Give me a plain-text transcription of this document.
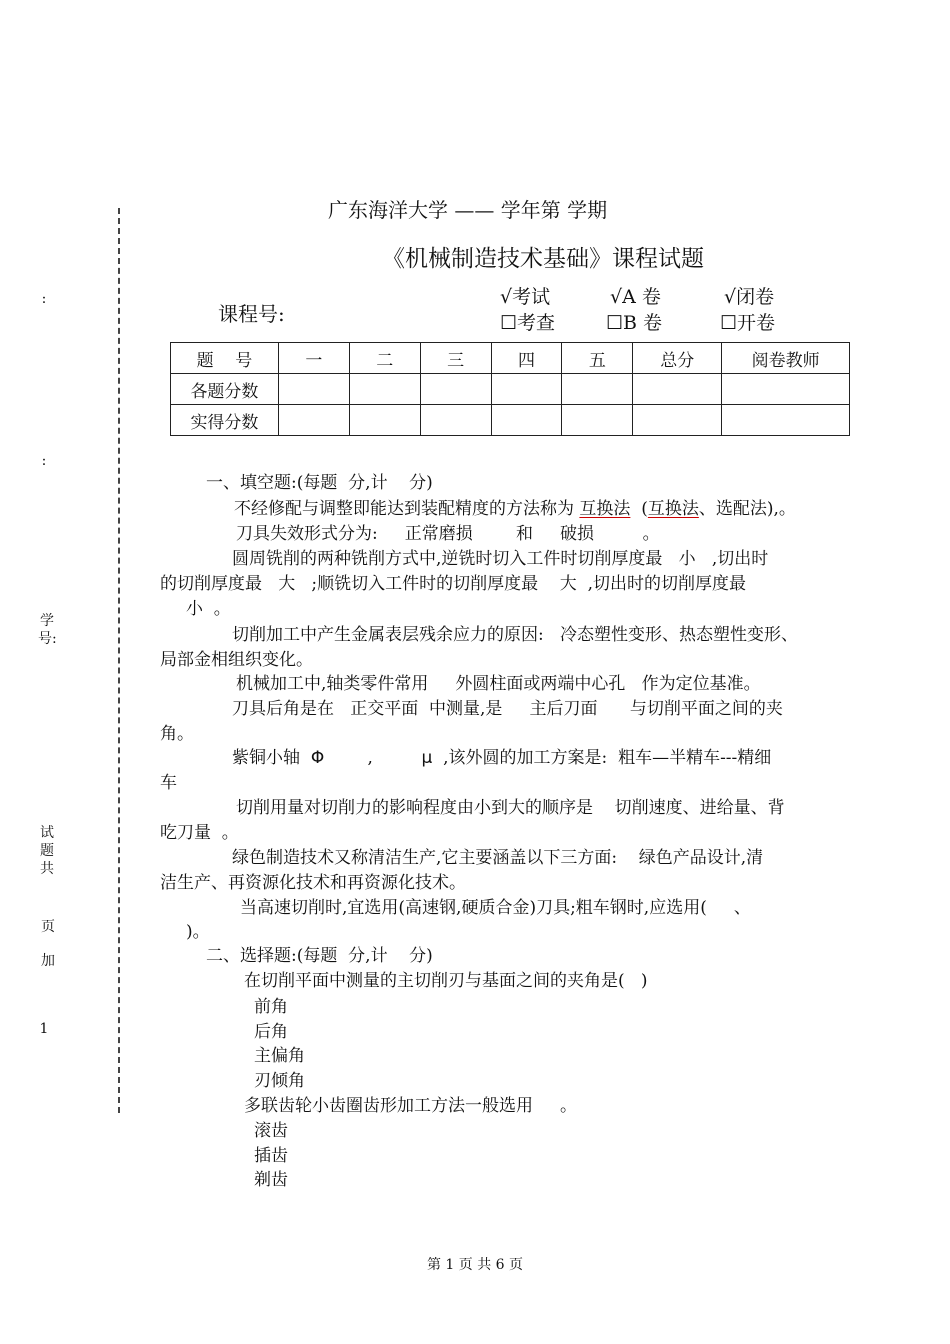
:
:
学号:
试题共
页
加
1
广东海洋大学 —— 学年第 学期
《机械制造技术基础》课程试题
课程号:
√考试	√A 卷	√闭卷
☐考查	☐B 卷	☐开卷
题    号	一	二	三	四	五	总分	阅卷教师
各题分数							
实得分数							
一、填空题:(每题  分,计    分)
不经修配与调整即能达到装配精度的方法称为 互换法  (互换法、选配法),。
刀具失效形式分为:     正常磨损        和     破损         。
圆周铣削的两种铣削方式中,逆铣时切入工件时切削厚度最   小   ,切出时
的切削厚度最   大   ;顺铣切入工件时的切削厚度最    大  ,切出时的切削厚度最
小  。
切削加工中产生金属表层残余应力的原因:   冷态塑性变形、热态塑性变形、
局部金相组织变化。
机械加工中,轴类零件常用     外圆柱面或两端中心孔   作为定位基准。
刀具后角是在   正交平面  中测量,是     主后刀面      与切削平面之间的夹
角。
紫铜小轴 Φ	,	μ ,该外圆的加工方案是:  粗车—半精车---精细
车
切削用量对切削力的影响程度由小到大的顺序是    切削速度、进给量、背
吃刀量  。
绿色制造技术又称清洁生产,它主要涵盖以下三方面:    绿色产品设计,清
洁生产、再资源化技术和再资源化技术。
当高速切削时,宜选用(高速钢,硬质合金)刀具;粗车钢时,应选用(     、
)。
二、选择题:(每题  分,计    分)
在切削平面中测量的主切削刃与基面之间的夹角是(   )
前角
后角
主偏角
刃倾角
多联齿轮小齿圈齿形加工方法一般选用     。
滚齿
插齿
剃齿
第 1 页 共 6 页
